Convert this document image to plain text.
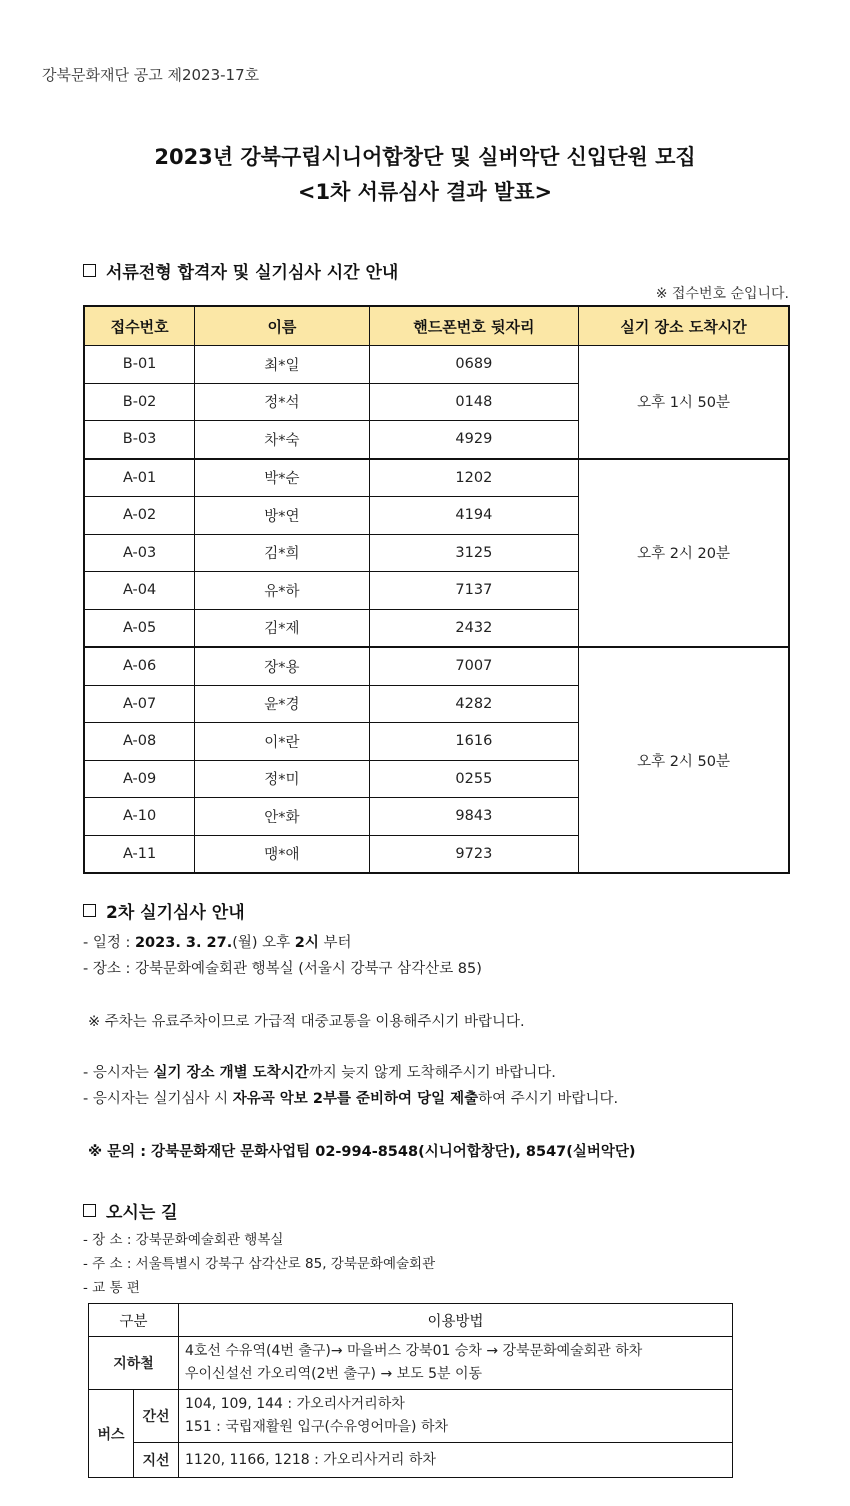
강북문화재단 공고 제2023-17호
2023년 강북구립시니어합창단 및 실버악단 신입단원 모집
<1차 서류심사 결과 발표>
서류전형 합격자 및 실기심사 시간 안내
※ 접수번호 순입니다.
접수번호	이름	핸드폰번호 뒷자리	실기 장소 도착시간
B-01	최*일	0689	오후 1시 50분
B-02	정*석	0148	
B-03	차*숙	4929	
A-01	박*순	1202	오후 2시 20분
A-02	방*연	4194	
A-03	김*희	3125	
A-04	유*하	7137	
A-05	김*제	2432	
A-06	장*용	7007	오후 2시 50분
A-07	윤*경	4282	
A-08	이*란	1616	
A-09	정*미	0255	
A-10	안*화	9843	
A-11	맹*애	9723	
2차 실기심사 안내
- 일정 : 2023. 3. 27.(월) 오후 2시 부터
- 장소 : 강북문화예술회관 행복실 (서울시 강북구 삼각산로 85)
※ 주차는 유료주차이므로 가급적 대중교통을 이용해주시기 바랍니다.
- 응시자는 실기 장소 개별 도착시간까지 늦지 않게 도착해주시기 바랍니다.
- 응시자는 실기심사 시 자유곡 악보 2부를 준비하여 당일 제출하여 주시기 바랍니다.
※ 문의 : 강북문화재단 문화사업팀 02-994-8548(시니어합창단), 8547(실버악단)
오시는 길
- 장 소 : 강북문화예술회관 행복실
- 주 소 : 서울특별시 강북구 삼각산로 85, 강북문화예술회관
- 교 통 편
구분		이용방법
지하철		4호선 수유역(4번 출구)→ 마을버스 강북01 승차 → 강북문화예술회관 하차
우이신설선 가오리역(2번 출구) → 보도 5분 이동

버스	간선	104, 109, 144 : 가오리사거리하차
151 : 국립재활원 입구(수유영어마을) 하차

	지선	1120, 1166, 1218 : 가오리사거리 하차
